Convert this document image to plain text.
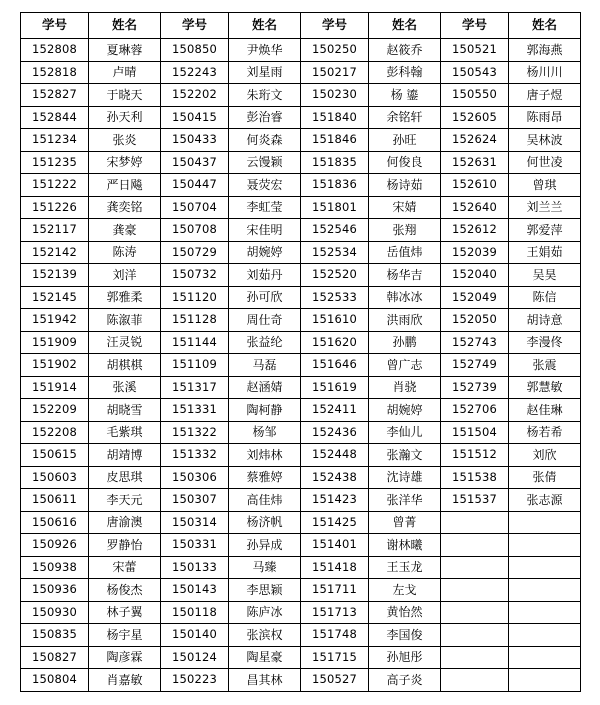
学号	姓名	学号	姓名	学号	姓名	学号	姓名
152808	夏琳蓉	150850	尹焕华	150250	赵筱乔	150521	郭海燕
152818	卢晴	152243	刘星雨	150217	彭科翰	150543	杨川川
152827	于晓天	152202	朱珩文	150230	杨 鎏	150550	唐子煜
152844	孙天利	150415	彭治睿	151840	余铭轩	152605	陈雨昂
151234	张炎	150433	何炎森	151846	孙旺	152624	吴林波
151235	宋梦婷	150437	云馒颖	151835	何俊良	152631	何世凌
151222	严日飚	150447	聂荧宏	151836	杨诗茹	152610	曾琪
151226	龚奕铭	150704	李虹莹	151801	宋婧	152640	刘兰兰
152117	龚豪	150708	宋佳明	152546	张翔	152612	郭爱萍
152142	陈涛	150729	胡婉婷	152534	岳值炜	152039	王娟茹
152139	刘洋	150732	刘茹丹	152520	杨华吉	152040	吴昊
152145	郭雅柔	151120	孙可欣	152533	韩冰冰	152049	陈信
151942	陈溆菲	151128	周仕奇	151610	洪雨欣	152050	胡诗意
151909	汪灵锐	151144	张益纶	151620	孙鹏	152743	李漫佟
151902	胡棋棋	151109	马磊	151646	曾广志	152749	张震
151914	张溪	151317	赵涵婧	151619	肖骁	152739	郭慧敏
152209	胡晓雪	151331	陶柯静	152411	胡婉婷	152706	赵佳琳
152208	毛紫琪	151322	杨邹	152436	李仙儿	151504	杨若希
150615	胡靖博	151332	刘炜林	152448	张瀚文	151512	刘欣
150603	皮思琪	150306	蔡雅婷	152438	沈诗雄	151538	张倩
150611	李天元	150307	高佳炜	151423	张洋华	151537	张志源
150616	唐渝澳	150314	杨济帆	151425	曾菁		
150926	罗静怡	150331	孙异成	151401	谢林曦		
150938	宋蕾	150133	马臻	151418	王玉龙		
150936	杨俊杰	150143	李思颖	151711	左戈		
150930	林子翼	150118	陈庐冰	151713	黄怡然		
150835	杨宇星	150140	张滨权	151748	李国俊		
150827	陶彦霖	150124	陶星豪	151715	孙旭彤		
150804	肖嘉敏	150223	昌其林	150527	高子炎		
